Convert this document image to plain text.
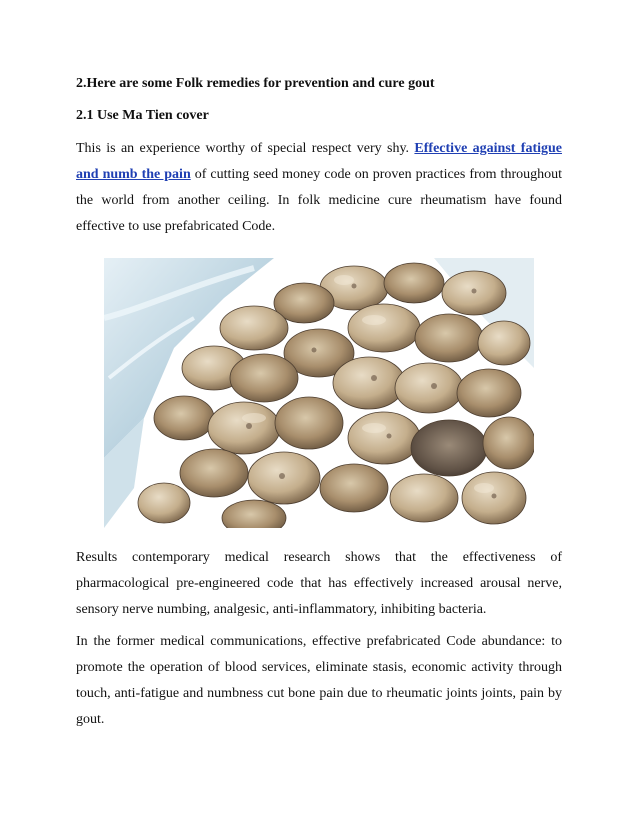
2.Here are some Folk remedies for prevention and cure gout

2.1 Use Ma Tien cover

This is an experience worthy of special respect very shy. Effective against fatigue and numb the pain of cutting seed money code on proven practices from throughout the world from another ceiling. In folk medicine cure rheumatism have found effective to use prefabricated Code.

Results contemporary medical research shows that the effectiveness of pharmacological pre-engineered code that has effectively increased arousal nerve, sensory nerve numbing, analgesic, anti-inflammatory, inhibiting bacteria.

In the former medical communications, effective prefabricated Code abundance: to promote the operation of blood services, eliminate stasis, economic activity through touch, anti-fatigue and numbness cut bone pain due to rheumatic joints joints, pain by gout.
